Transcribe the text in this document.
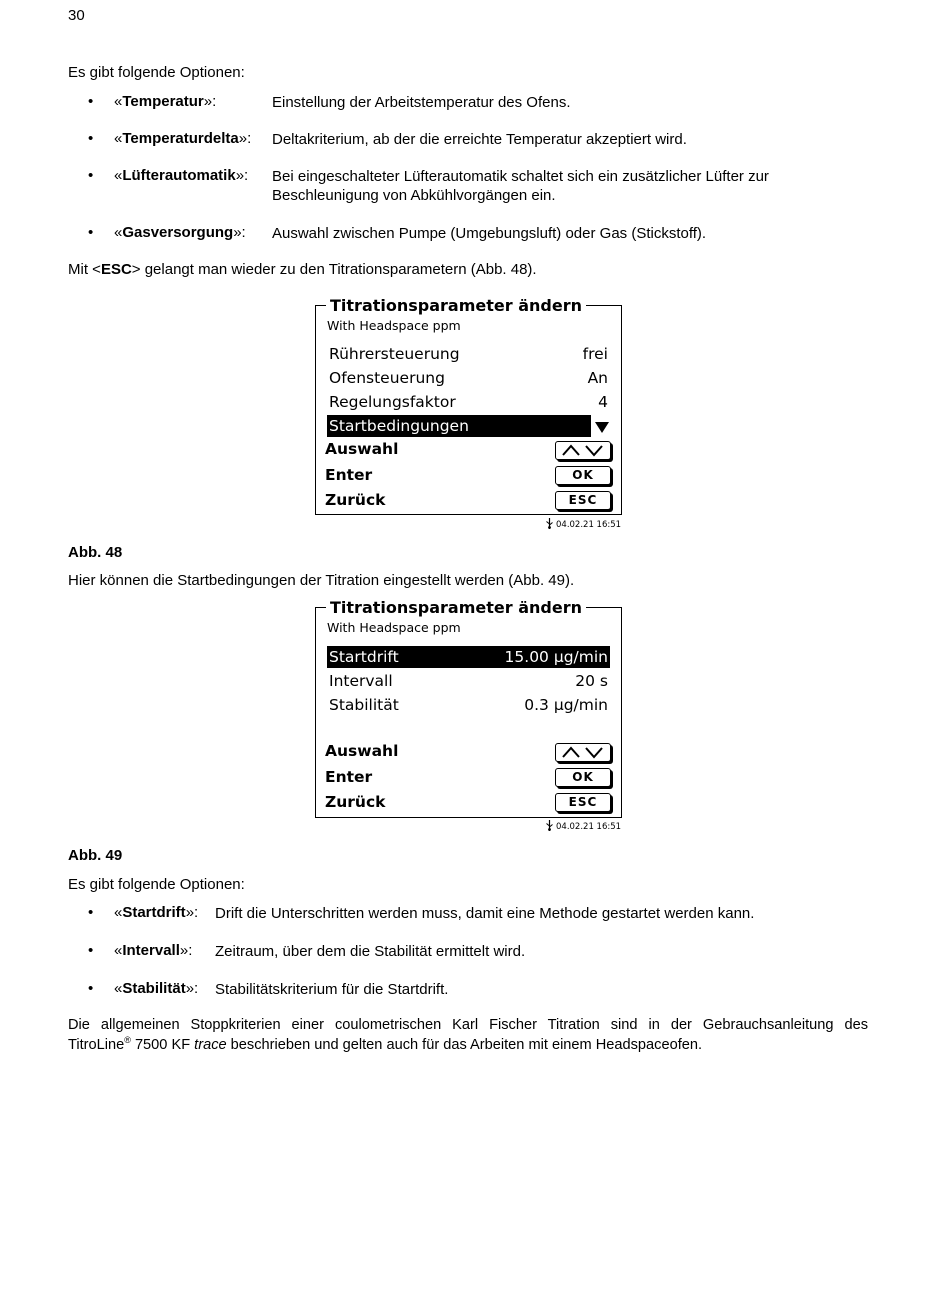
30
Es gibt folgende Optionen:
• «Temperatur»:	Einstellung der Arbeitstemperatur des Ofens.
• «Temperaturdelta»: Deltakriterium, ab der die erreichte Temperatur akzeptiert wird.
• «Lüfterautomatik»: Bei eingeschalteter Lüfterautomatik schaltet sich ein zusätzlicher Lüfter zur
Beschleunigung von Abkühlvorgängen ein.
• «Gasversorgung»: Auswahl zwischen Pumpe (Umgebungsluft) oder Gas (Stickstoff).
Mit <ESC> gelangt man wieder zu den Titrationsparametern (Abb. 48).
Titrationsparameter ändern
With Headspace ppm
Rührersteuerung	frei
Ofensteuerung	An
Regelungsfaktor	4
Startbedingungen
Auswahl
Enter	OK
Zurück	ESC
04.02.21 16:51
Abb. 48
Hier können die Startbedingungen der Titration eingestellt werden (Abb. 49).
Titrationsparameter ändern
With Headspace ppm
Startdrift	15.00 µg/min
Intervall	20 s
Stabilität	0.3 µg/min
Auswahl
Enter	OK
Zurück	ESC
04.02.21 16:51
Abb. 49
Es gibt folgende Optionen:
• «Startdrift»: Drift die Unterschritten werden muss, damit eine Methode gestartet werden kann.
• «Intervall»: Zeitraum, über dem die Stabilität ermittelt wird.
• «Stabilität»: Stabilitätskriterium für die Startdrift.
Die allgemeinen Stoppkriterien einer coulometrischen Karl Fischer Titration sind in der Gebrauchsanleitung des
TitroLine® 7500 KF trace beschrieben und gelten auch für das Arbeiten mit einem Headspaceofen.
